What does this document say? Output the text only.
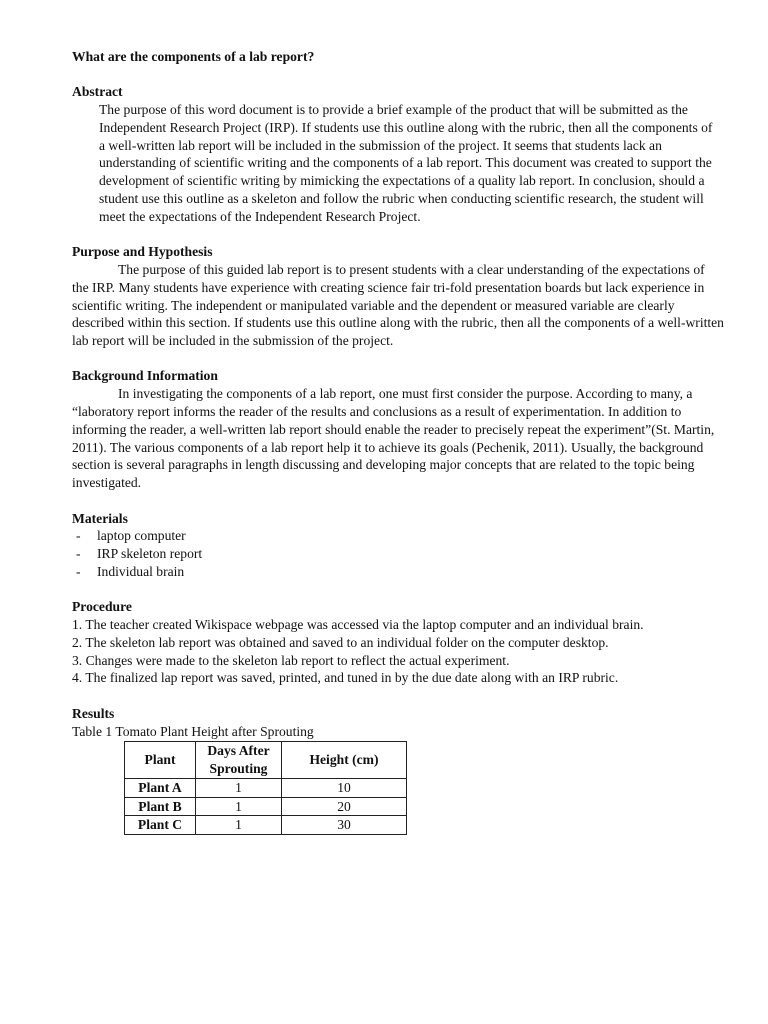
What are the components of a lab report?
Abstract

The purpose of this word document is to provide a brief example of the product that will be submitted as the Independent Research Project (IRP). If students use this outline along with the rubric, then all the components of a well-written lab report will be included in the submission of the project. It seems that students lack an understanding of scientific writing and the components of a lab report. This document was created to support the development of scientific writing by mimicking the expectations of a quality lab report. In conclusion, should a student use this outline as a skeleton and follow the rubric when conducting scientific research, the student will meet the expectations of the Independent Research Project.

Purpose and Hypothesis

The purpose of this guided lab report is to present students with a clear understanding of the expectations of the IRP. Many students have experience with creating science fair tri-fold presentation boards but lack experience in scientific writing. The independent or manipulated variable and the dependent or measured variable are clearly described within this section. If students use this outline along with the rubric, then all the components of a well-written lab report will be included in the submission of the project.

Background Information

In investigating the components of a lab report, one must first consider the purpose. According to many, a “laboratory report informs the reader of the results and conclusions as a result of experimentation. In addition to informing the reader, a well-written lab report should enable the reader to precisely repeat the experiment”(St. Martin, 2011). The various components of a lab report help it to achieve its goals (Pechenik, 2011). Usually, the background section is several paragraphs in length discussing and developing major concepts that are related to the topic being investigated.

Materials
- laptop computer
- IRP skeleton report
- Individual brain
Procedure
1. The teacher created Wikispace webpage was accessed via the laptop computer and an individual brain.
2. The skeleton lab report was obtained and saved to an individual folder on the computer desktop.
3. Changes were made to the skeleton lab report to reflect the actual experiment.
4. The finalized lap report was saved, printed, and tuned in by the due date along with an IRP rubric.
Results
Table 1 Tomato Plant Height after Sprouting
Plant	Days After Sprouting	Height (cm)
Plant A	1	10
Plant B	1	20
Plant C	1	30
